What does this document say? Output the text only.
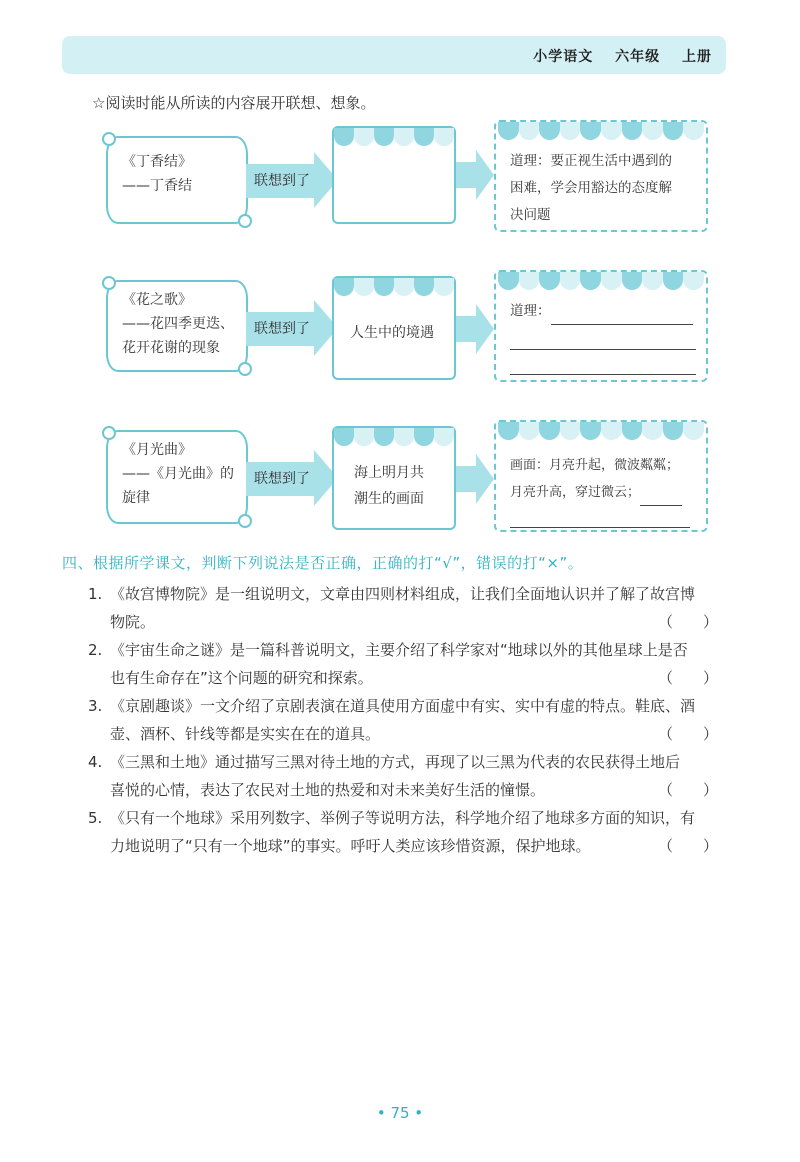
小学语文 六年级 上册
☆阅读时能从所读的内容展开联想、想象。
《丁香结》
——丁香结	联想到了
道理：要正视生活中遇到的
困难，学会用豁达的态度解
决问题
《花之歌》
——花四季更迭、
花开花谢的现象
联想到了	人生中的境遇
道理：
《月光曲》
——《月光曲》的
旋律
联想到了	海上明月共
潮生的画面
画面：月亮升起，微波粼粼；
月亮升高，穿过微云；
四、根据所学课文，判断下列说法是否正确，正确的打“√”，错误的打“×”。
1. 《故宫博物院》是一组说明文，文章由四则材料组成，让我们全面地认识并了解了故宫博
物院。	（　　）
2. 《宇宙生命之谜》是一篇科普说明文，主要介绍了科学家对“地球以外的其他星球上是否
也有生命存在”这个问题的研究和探索。	（　　）
3. 《京剧趣谈》一文介绍了京剧表演在道具使用方面虚中有实、实中有虚的特点。鞋底、酒
壶、酒杯、针线等都是实实在在的道具。	（　　）
4. 《三黑和土地》通过描写三黑对待土地的方式，再现了以三黑为代表的农民获得土地后
喜悦的心情，表达了农民对土地的热爱和对未来美好生活的憧憬。	（　　）
5. 《只有一个地球》采用列数字、举例子等说明方法，科学地介绍了地球多方面的知识，有
力地说明了“只有一个地球”的事实。呼吁人类应该珍惜资源，保护地球。	（　　）
• 75 •
